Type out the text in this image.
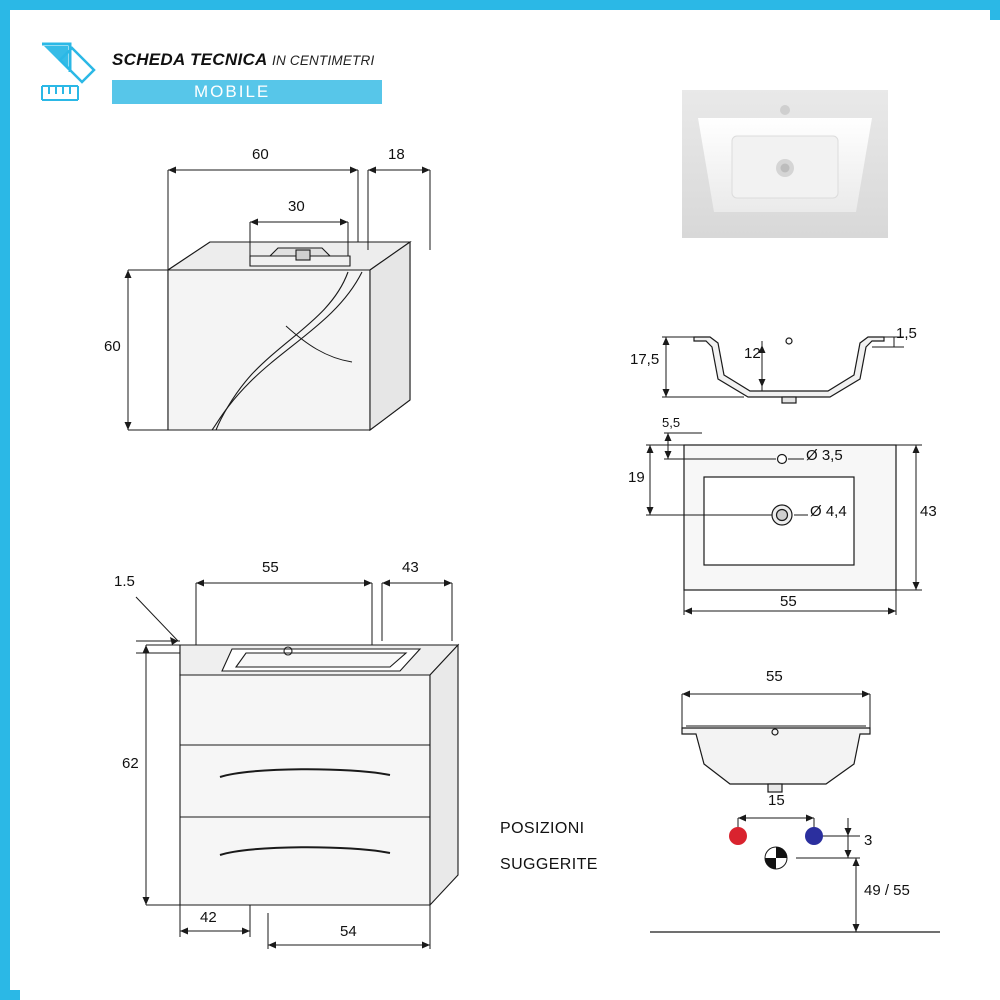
SCHEDA TECNICA IN CENTIMETRI
MOBILE
60	18
30
60
55	43
1.5
62
42
54
17,5	12
1,5
5,5
19
Ø 3,5
Ø 4,4	43
55
55
15
3
49 / 55
POSIZIONI
SUGGERITE
